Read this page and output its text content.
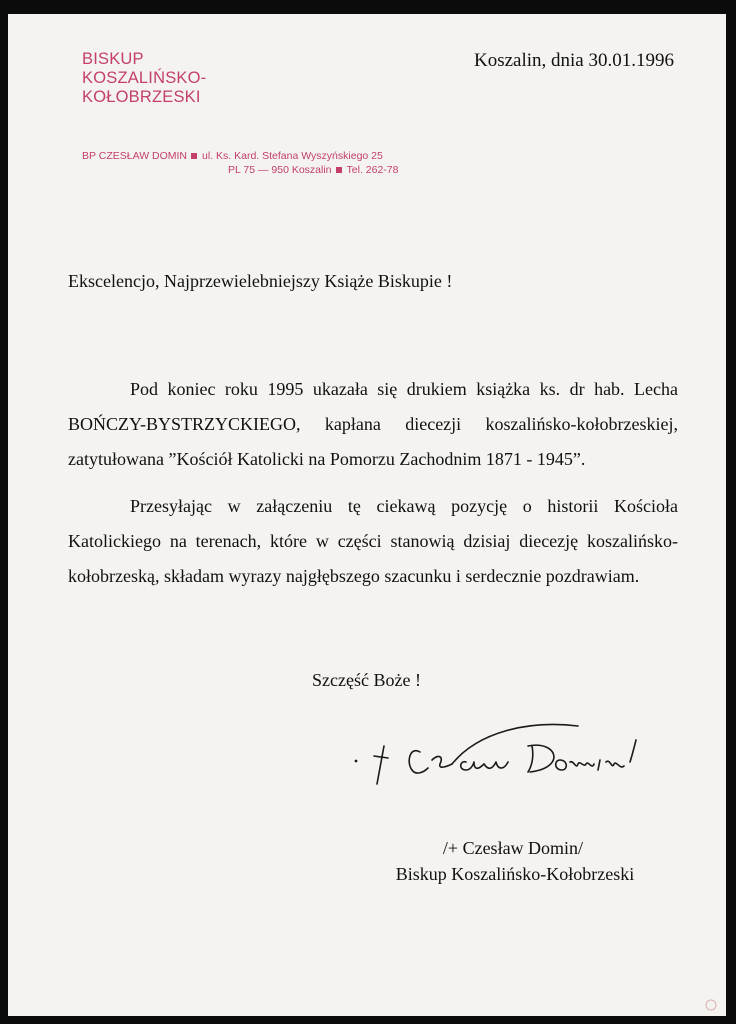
BISKUP
KOSZALIŃSKO-
KOŁOBRZESKI
BP CZESŁAW DOMIN ul. Ks. Kard. Stefana Wyszyńskiego 25
PL 75 — 950 Koszalin Tel. 262-78
Koszalin, dnia 30.01.1996
Ekscelencjo, Najprzewielebniejszy Książe Biskupie !
Pod koniec roku 1995 ukazała się drukiem książka ks. dr hab. Lecha BOŃCZY-BYSTRZYCKIEGO, kapłana diecezji koszalińsko-kołobrzeskiej, zatytułowana ”Kościół Katolicki na Pomorzu Zachodnim 1871 - 1945”.
Przesyłając w załączeniu tę ciekawą pozycję o historii Kościoła Katolickiego na terenach, które w części stanowią dzisiaj diecezję koszalińsko-kołobrzeską, składam wyrazy najgłębszego szacunku i serdecznie pozdrawiam.
Szczęść Boże !
/+ Czesław Domin/
Biskup Koszalińsko-Kołobrzeski
